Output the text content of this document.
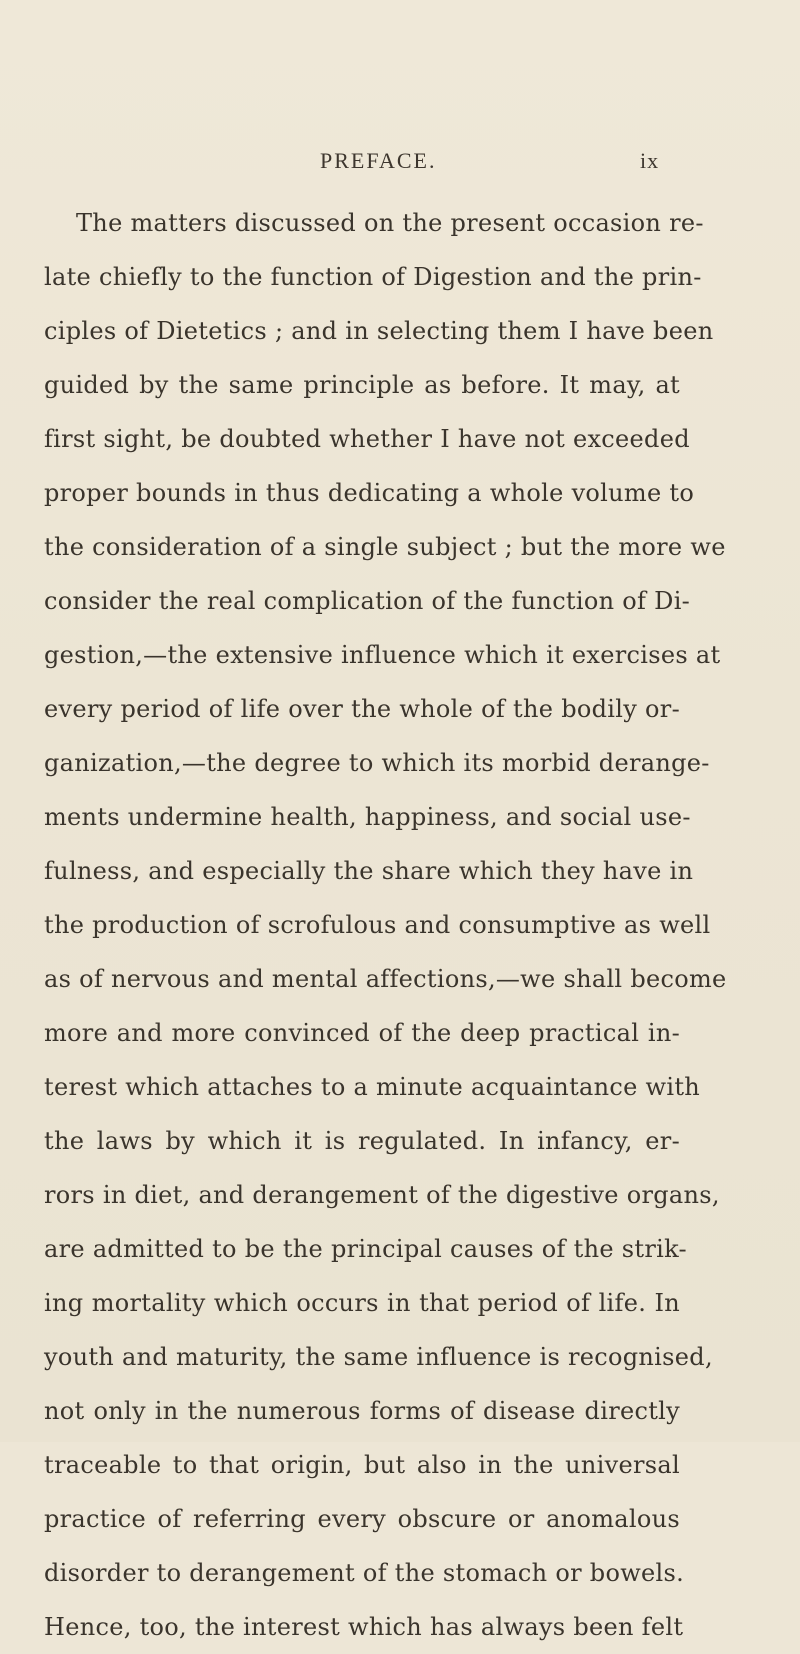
PREFACE.	ix
The matters discussed on the present occasion re-
late chiefly to the function of Digestion and the prin-
ciples of Dietetics ; and in selecting them I have been
guided by the same principle as before. It may, at
first sight, be doubted whether I have not exceeded
proper bounds in thus dedicating a whole volume to
the consideration of a single subject ; but the more we
consider the real complication of the function of Di-
gestion,—the extensive influence which it exercises at
every period of life over the whole of the bodily or-
ganization,—the degree to which its morbid derange-
ments undermine health, happiness, and social use-
fulness, and especially the share which they have in
the production of scrofulous and consumptive as well
as of nervous and mental affections,—we shall become
more and more convinced of the deep practical in-
terest which attaches to a minute acquaintance with
the laws by which it is regulated. In infancy, er-
rors in diet, and derangement of the digestive organs,
are admitted to be the principal causes of the strik-
ing mortality which occurs in that period of life. In
youth and maturity, the same influence is recognised,
not only in the numerous forms of disease directly
traceable to that origin, but also in the universal
practice of referring every obscure or anomalous
disorder to derangement of the stomach or bowels.
Hence, too, the interest which has always been felt
